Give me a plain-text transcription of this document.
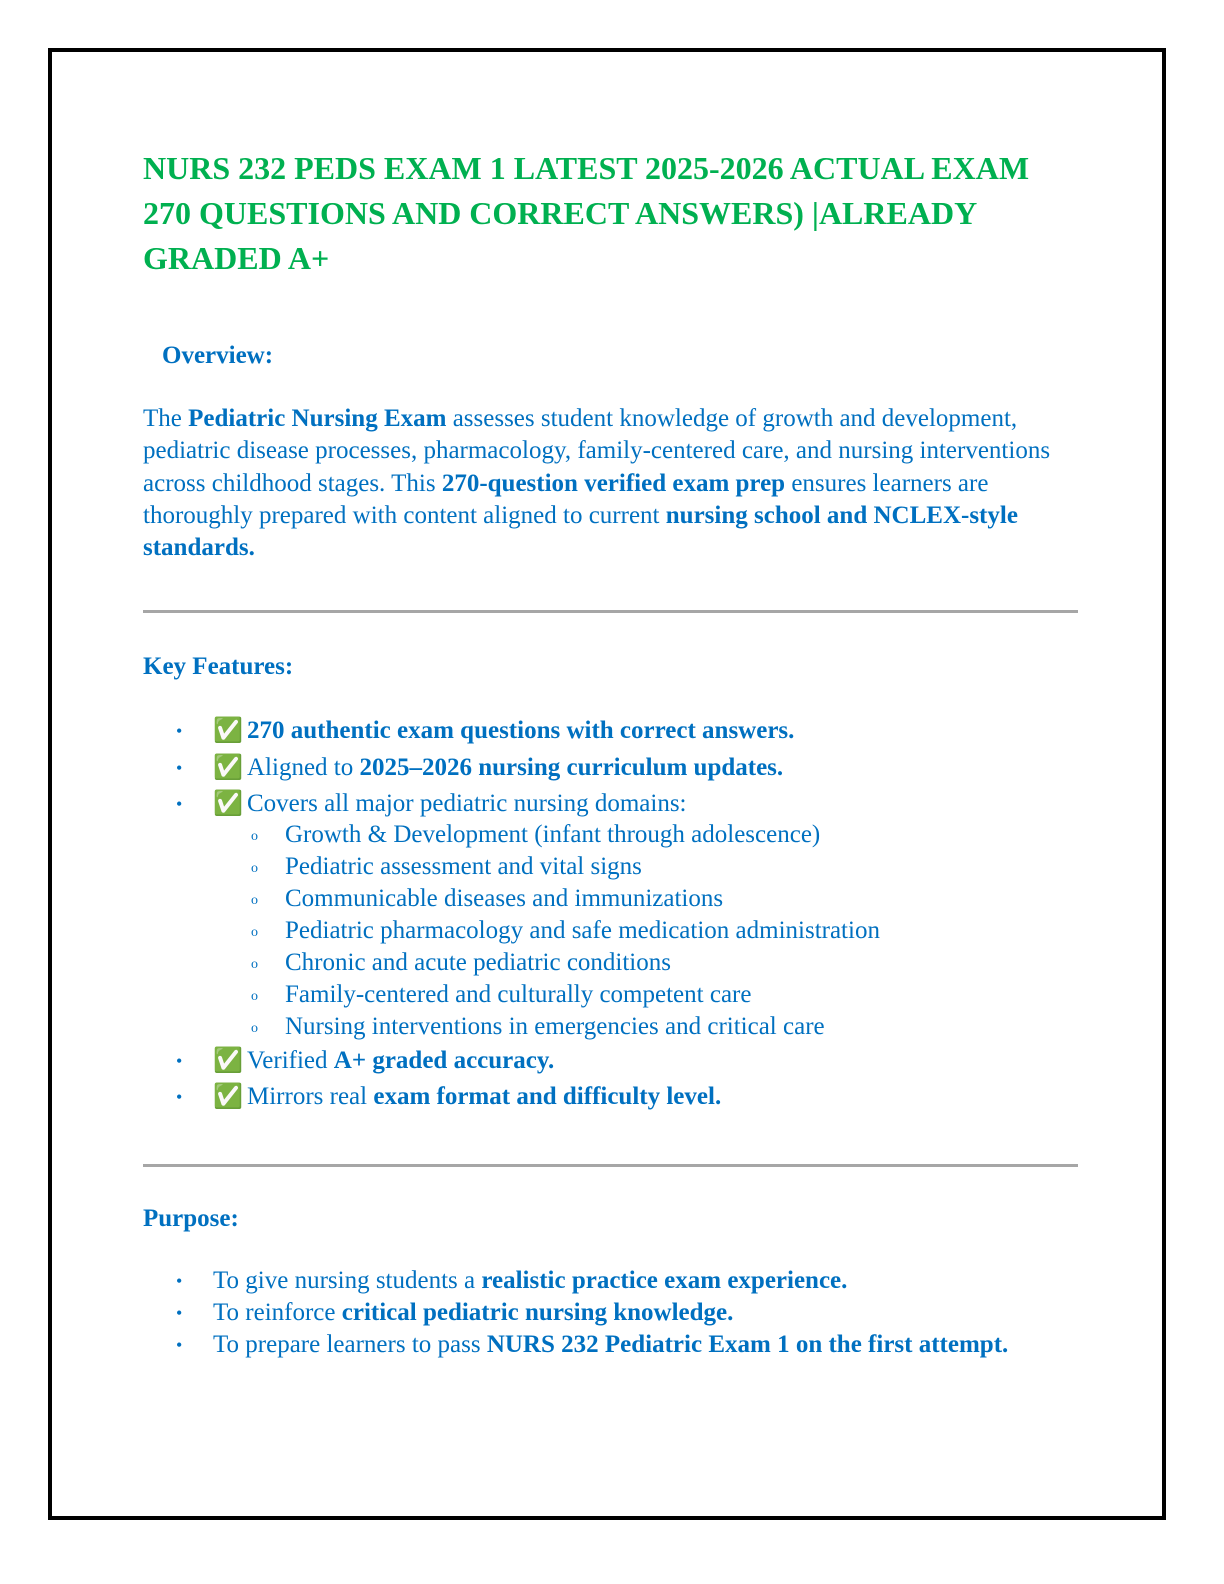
NURS 232 PEDS EXAM 1 LATEST 2025-2026 ACTUAL EXAM 270 QUESTIONS AND CORRECT ANSWERS) |ALREADY GRADED A+
Overview:

The Pediatric Nursing Exam assesses student knowledge of growth and development, pediatric disease processes, pharmacology, family-centered care, and nursing interventions across childhood stages. This 270-question verified exam prep ensures learners are thoroughly prepared with content aligned to current nursing school and NCLEX-style standards.

Key Features:
• ✅ 270 authentic exam questions with correct answers.
• ✅ Aligned to 2025–2026 nursing curriculum updates.
• ✅ Covers all major pediatric nursing domains:
o Growth & Development (infant through adolescence)
o Pediatric assessment and vital signs
o Communicable diseases and immunizations
o Pediatric pharmacology and safe medication administration
o Chronic and acute pediatric conditions
o Family-centered and culturally competent care
o Nursing interventions in emergencies and critical care
• ✅ Verified A+ graded accuracy.
• ✅ Mirrors real exam format and difficulty level.
Purpose:
• To give nursing students a realistic practice exam experience.
• To reinforce critical pediatric nursing knowledge.
• To prepare learners to pass NURS 232 Pediatric Exam 1 on the first attempt.
